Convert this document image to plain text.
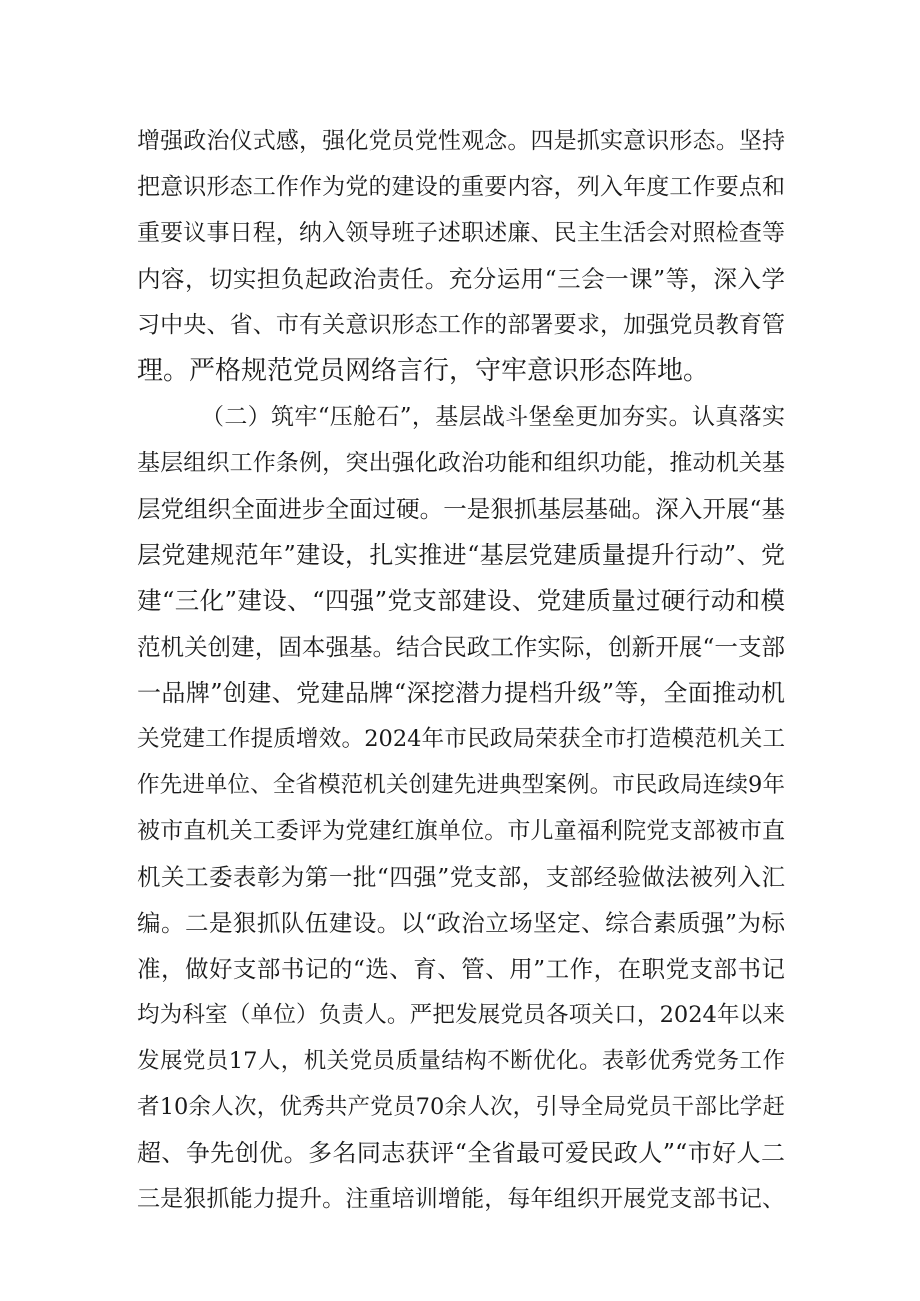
增强政治仪式感，强化党员党性观念。四是抓实意识形态。坚持
把意识形态工作作为党的建设的重要内容，列入年度工作要点和
重要议事日程，纳入领导班子述职述廉、民主生活会对照检查等
内容，切实担负起政治责任。充分运用“三会一课”等，深入学
习中央、省、市有关意识形态工作的部署要求，加强党员教育管
理。严格规范党员网络言行，守牢意识形态阵地。
（二）筑牢“压舱石”，基层战斗堡垒更加夯实。认真落实
基层组织工作条例，突出强化政治功能和组织功能，推动机关基
层党组织全面进步全面过硬。一是狠抓基层基础。深入开展“基
层党建规范年”建设，扎实推进“基层党建质量提升行动”、党
建“三化”建设、“四强”党支部建设、党建质量过硬行动和模
范机关创建，固本强基。结合民政工作实际，创新开展“一支部
一品牌”创建、党建品牌“深挖潜力提档升级”等，全面推动机
关党建工作提质增效。2024年市民政局荣获全市打造模范机关工
作先进单位、全省模范机关创建先进典型案例。市民政局连续9年
被市直机关工委评为党建红旗单位。市儿童福利院党支部被市直
机关工委表彰为第一批“四强”党支部，支部经验做法被列入汇
编。二是狠抓队伍建设。以“政治立场坚定、综合素质强”为标
准，做好支部书记的“选、育、管、用”工作，在职党支部书记
均为科室（单位）负责人。严把发展党员各项关口，2024年以来
发展党员17人，机关党员质量结构不断优化。表彰优秀党务工作
者10余人次，优秀共产党员70余人次，引导全局党员干部比学赶
超、争先创优。多名同志获评“全省最可爱民政人”“市好人二
三是狠抓能力提升。注重培训增能，每年组织开展党支部书记、
